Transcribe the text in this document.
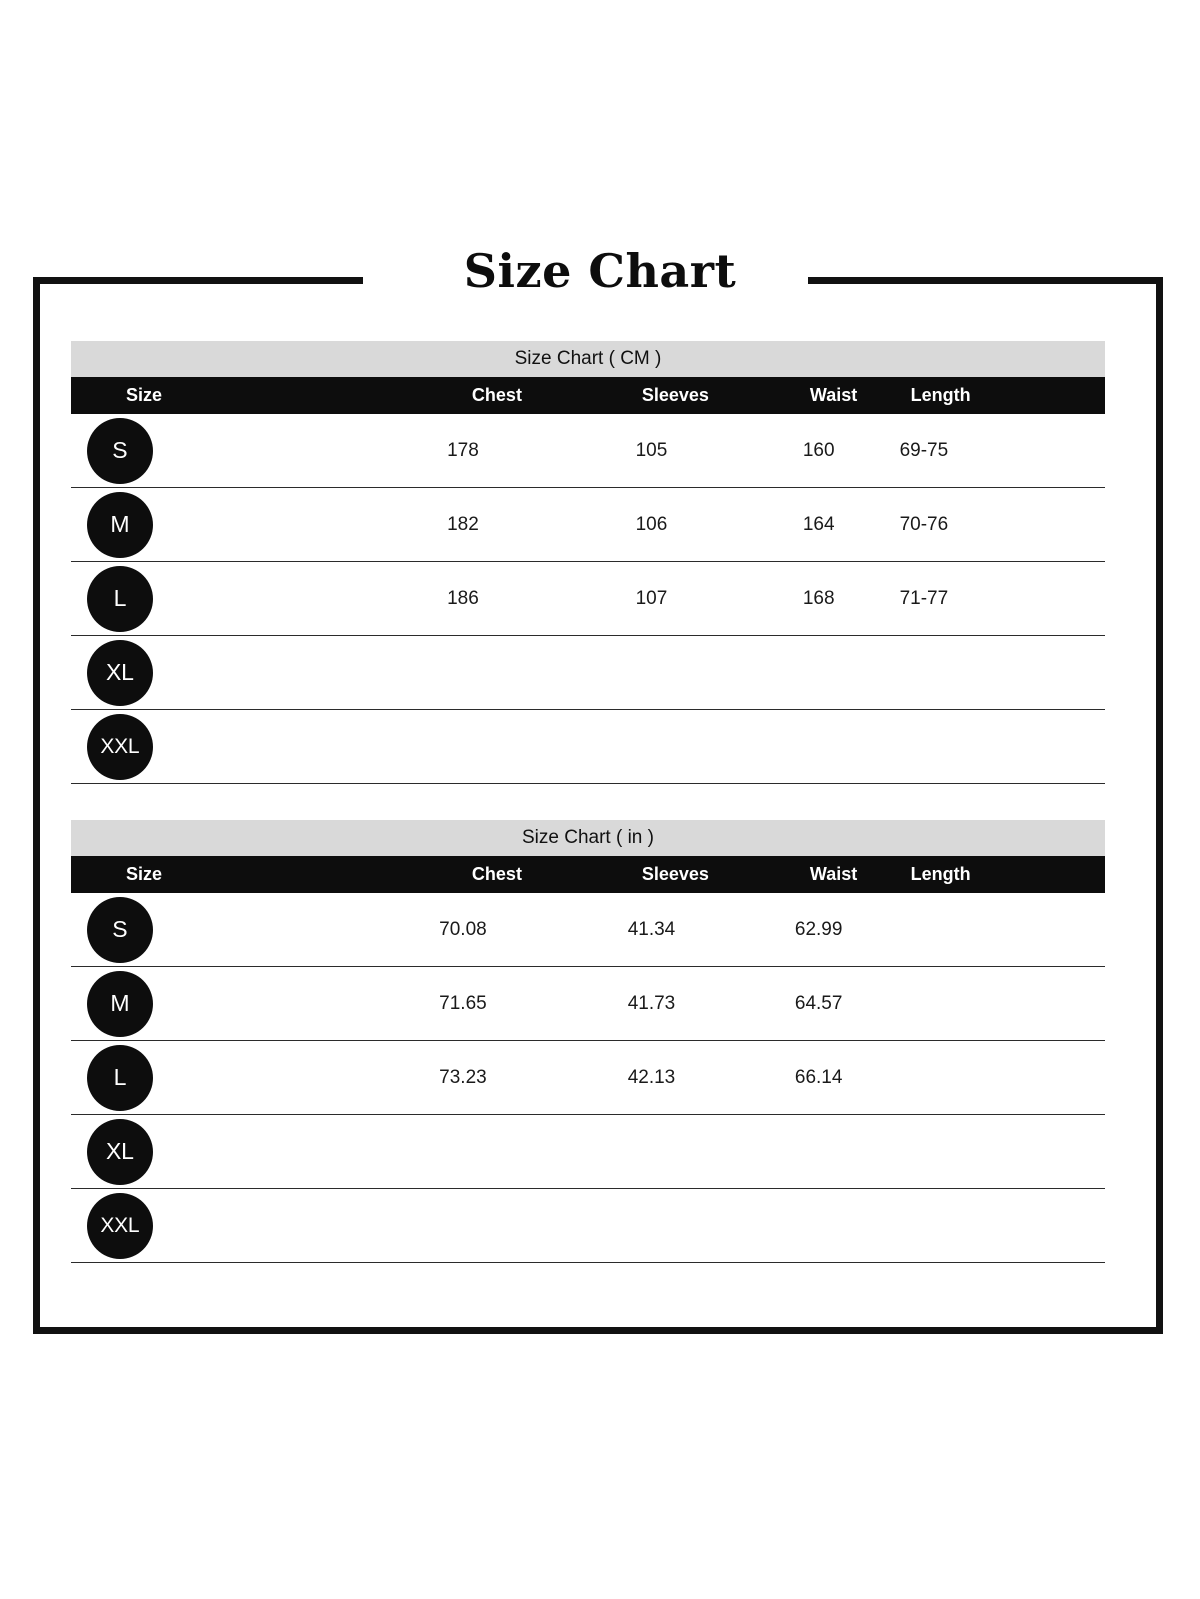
Size Chart
Size Chart ( CM )
Size	Chest	Sleeves	Waist	Length
S	178	105	160	69-75
M	182	106	164	70-76
L	186	107	168	71-77
XL
XXL
Size Chart ( in )
Size	Chest	Sleeves	Waist	Length
S	70.08	41.34	62.99
M	71.65	41.73	64.57
L	73.23	42.13	66.14
XL
XXL
